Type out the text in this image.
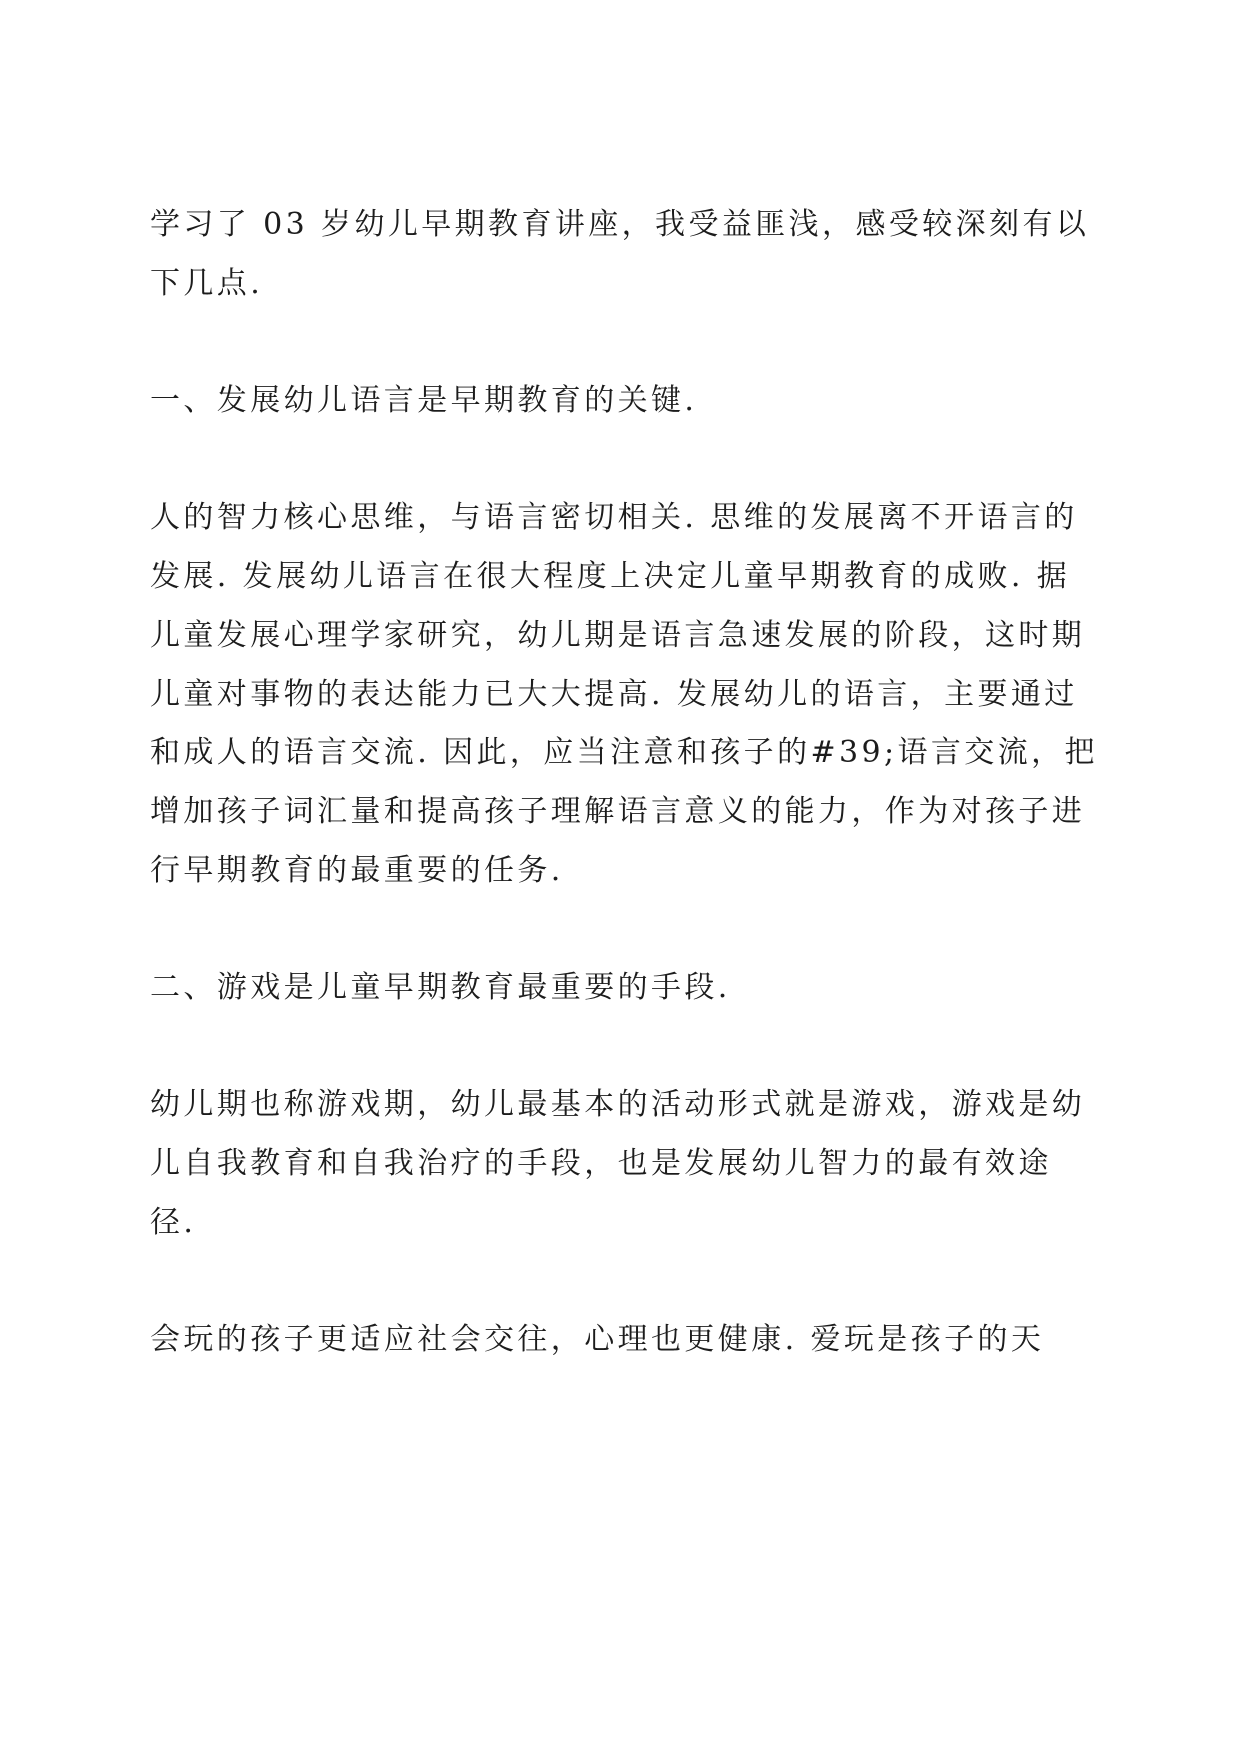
学习了 03 岁幼儿早期教育讲座，我受益匪浅，感受较深刻有以
下几点.
一、发展幼儿语言是早期教育的关键.
人的智力核心思维，与语言密切相关. 思维的发展离不开语言的
发展. 发展幼儿语言在很大程度上决定儿童早期教育的成败. 据
儿童发展心理学家研究，幼儿期是语言急速发展的阶段，这时期
儿童对事物的表达能力已大大提高. 发展幼儿的语言，主要通过
和成人的语言交流. 因此，应当注意和孩子的#39;语言交流，把
增加孩子词汇量和提高孩子理解语言意义的能力，作为对孩子进
行早期教育的最重要的任务.
二、游戏是儿童早期教育最重要的手段.
幼儿期也称游戏期，幼儿最基本的活动形式就是游戏，游戏是幼
儿自我教育和自我治疗的手段，也是发展幼儿智力的最有效途
径.
会玩的孩子更适应社会交往，心理也更健康. 爱玩是孩子的天
